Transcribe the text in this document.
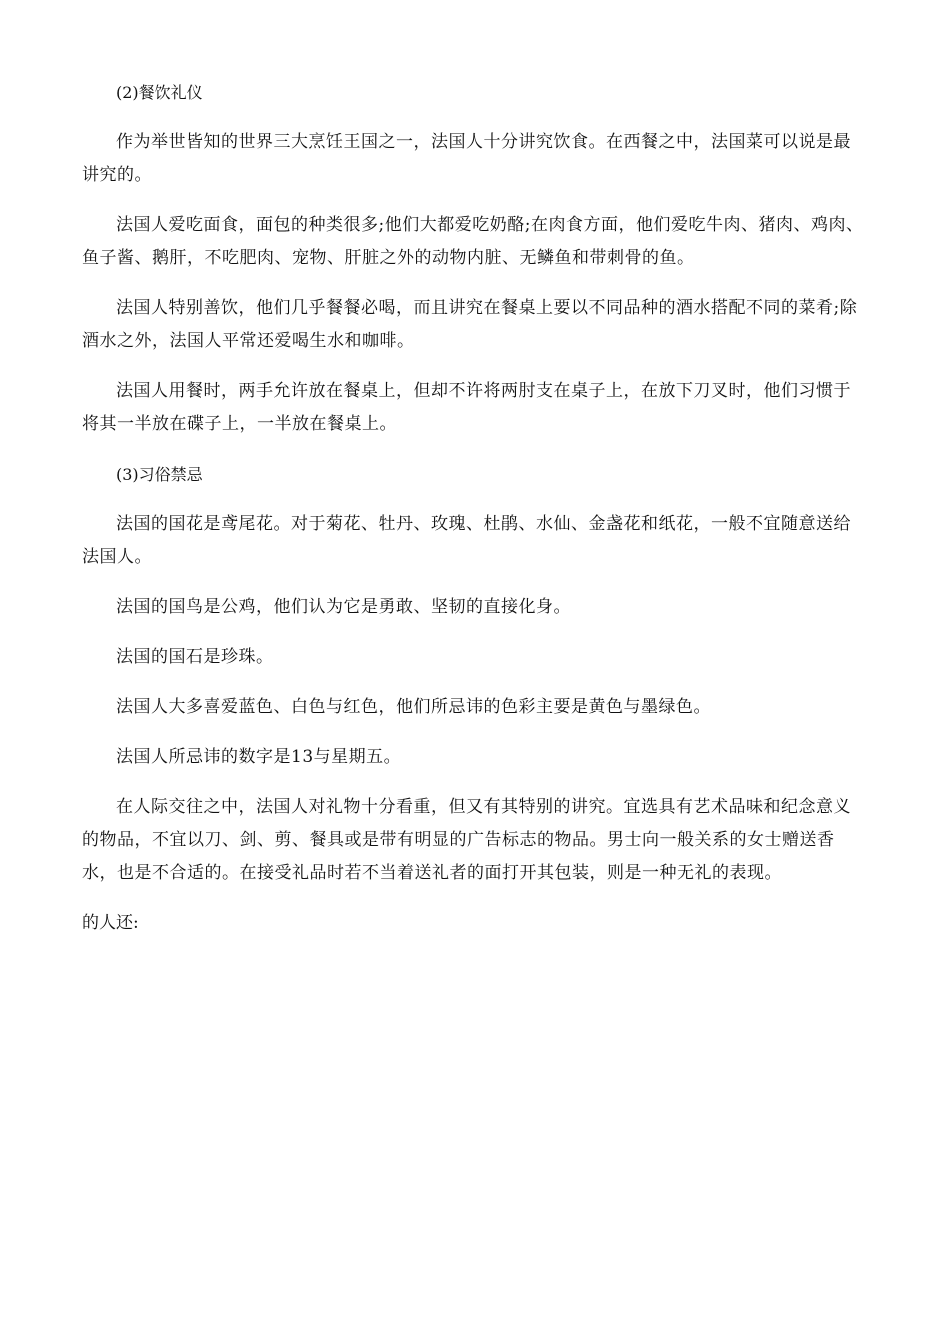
(2)餐饮礼仪

作为举世皆知的世界三大烹饪王国之一，法国人十分讲究饮食。在西餐之中，法国菜可以说是最讲究的。

法国人爱吃面食，面包的种类很多;他们大都爱吃奶酪;在肉食方面，他们爱吃牛肉、猪肉、鸡肉、鱼子酱、鹅肝，不吃肥肉、宠物、肝脏之外的动物内脏、无鳞鱼和带刺骨的鱼。

法国人特别善饮，他们几乎餐餐必喝，而且讲究在餐桌上要以不同品种的酒水搭配不同的菜肴;除酒水之外，法国人平常还爱喝生水和咖啡。

法国人用餐时，两手允许放在餐桌上，但却不许将两肘支在桌子上，在放下刀叉时，他们习惯于将其一半放在碟子上，一半放在餐桌上。

(3)习俗禁忌

法国的国花是鸢尾花。对于菊花、牡丹、玫瑰、杜鹃、水仙、金盏花和纸花，一般不宜随意送给法国人。

法国的国鸟是公鸡，他们认为它是勇敢、坚韧的直接化身。

法国的国石是珍珠。

法国人大多喜爱蓝色、白色与红色，他们所忌讳的色彩主要是黄色与墨绿色。

法国人所忌讳的数字是13与星期五。

在人际交往之中，法国人对礼物十分看重，但又有其特别的讲究。宜选具有艺术品味和纪念意义的物品，不宜以刀、剑、剪、餐具或是带有明显的广告标志的物品。男士向一般关系的女士赠送香水，也是不合适的。在接受礼品时若不当着送礼者的面打开其包装，则是一种无礼的表现。

的人还:
